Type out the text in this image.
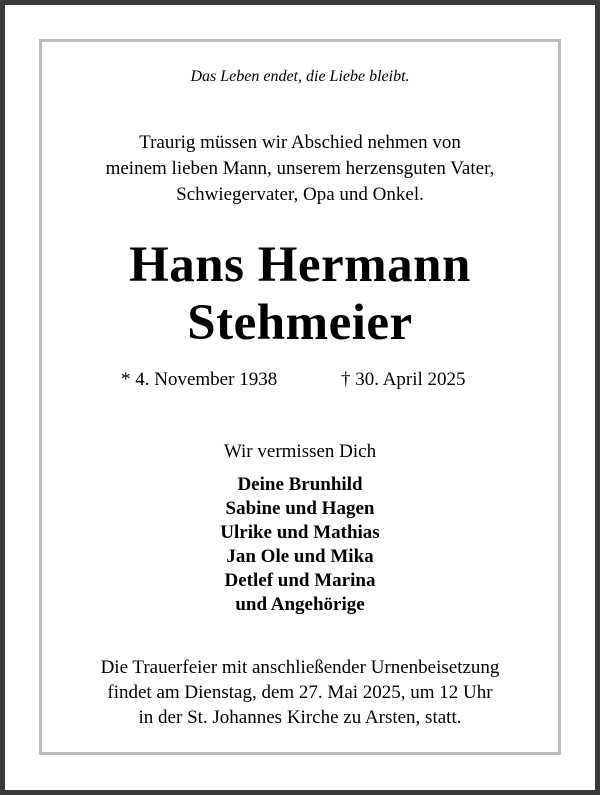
Das Leben endet, die Liebe bleibt.
Traurig müssen wir Abschied nehmen von
meinem lieben Mann, unserem herzensguten Vater,
Schwiegervater, Opa und Onkel.
Hans Hermann
Stehmeier
* 4. November 1938	† 30. April 2025
Wir vermissen Dich
Deine Brunhild
Sabine und Hagen
Ulrike und Mathias
Jan Ole und Mika
Detlef und Marina
und Angehörige
Die Trauerfeier mit anschließender Urnenbeisetzung
findet am Dienstag, dem 27. Mai 2025, um 12 Uhr
in der St. Johannes Kirche zu Arsten, statt.
